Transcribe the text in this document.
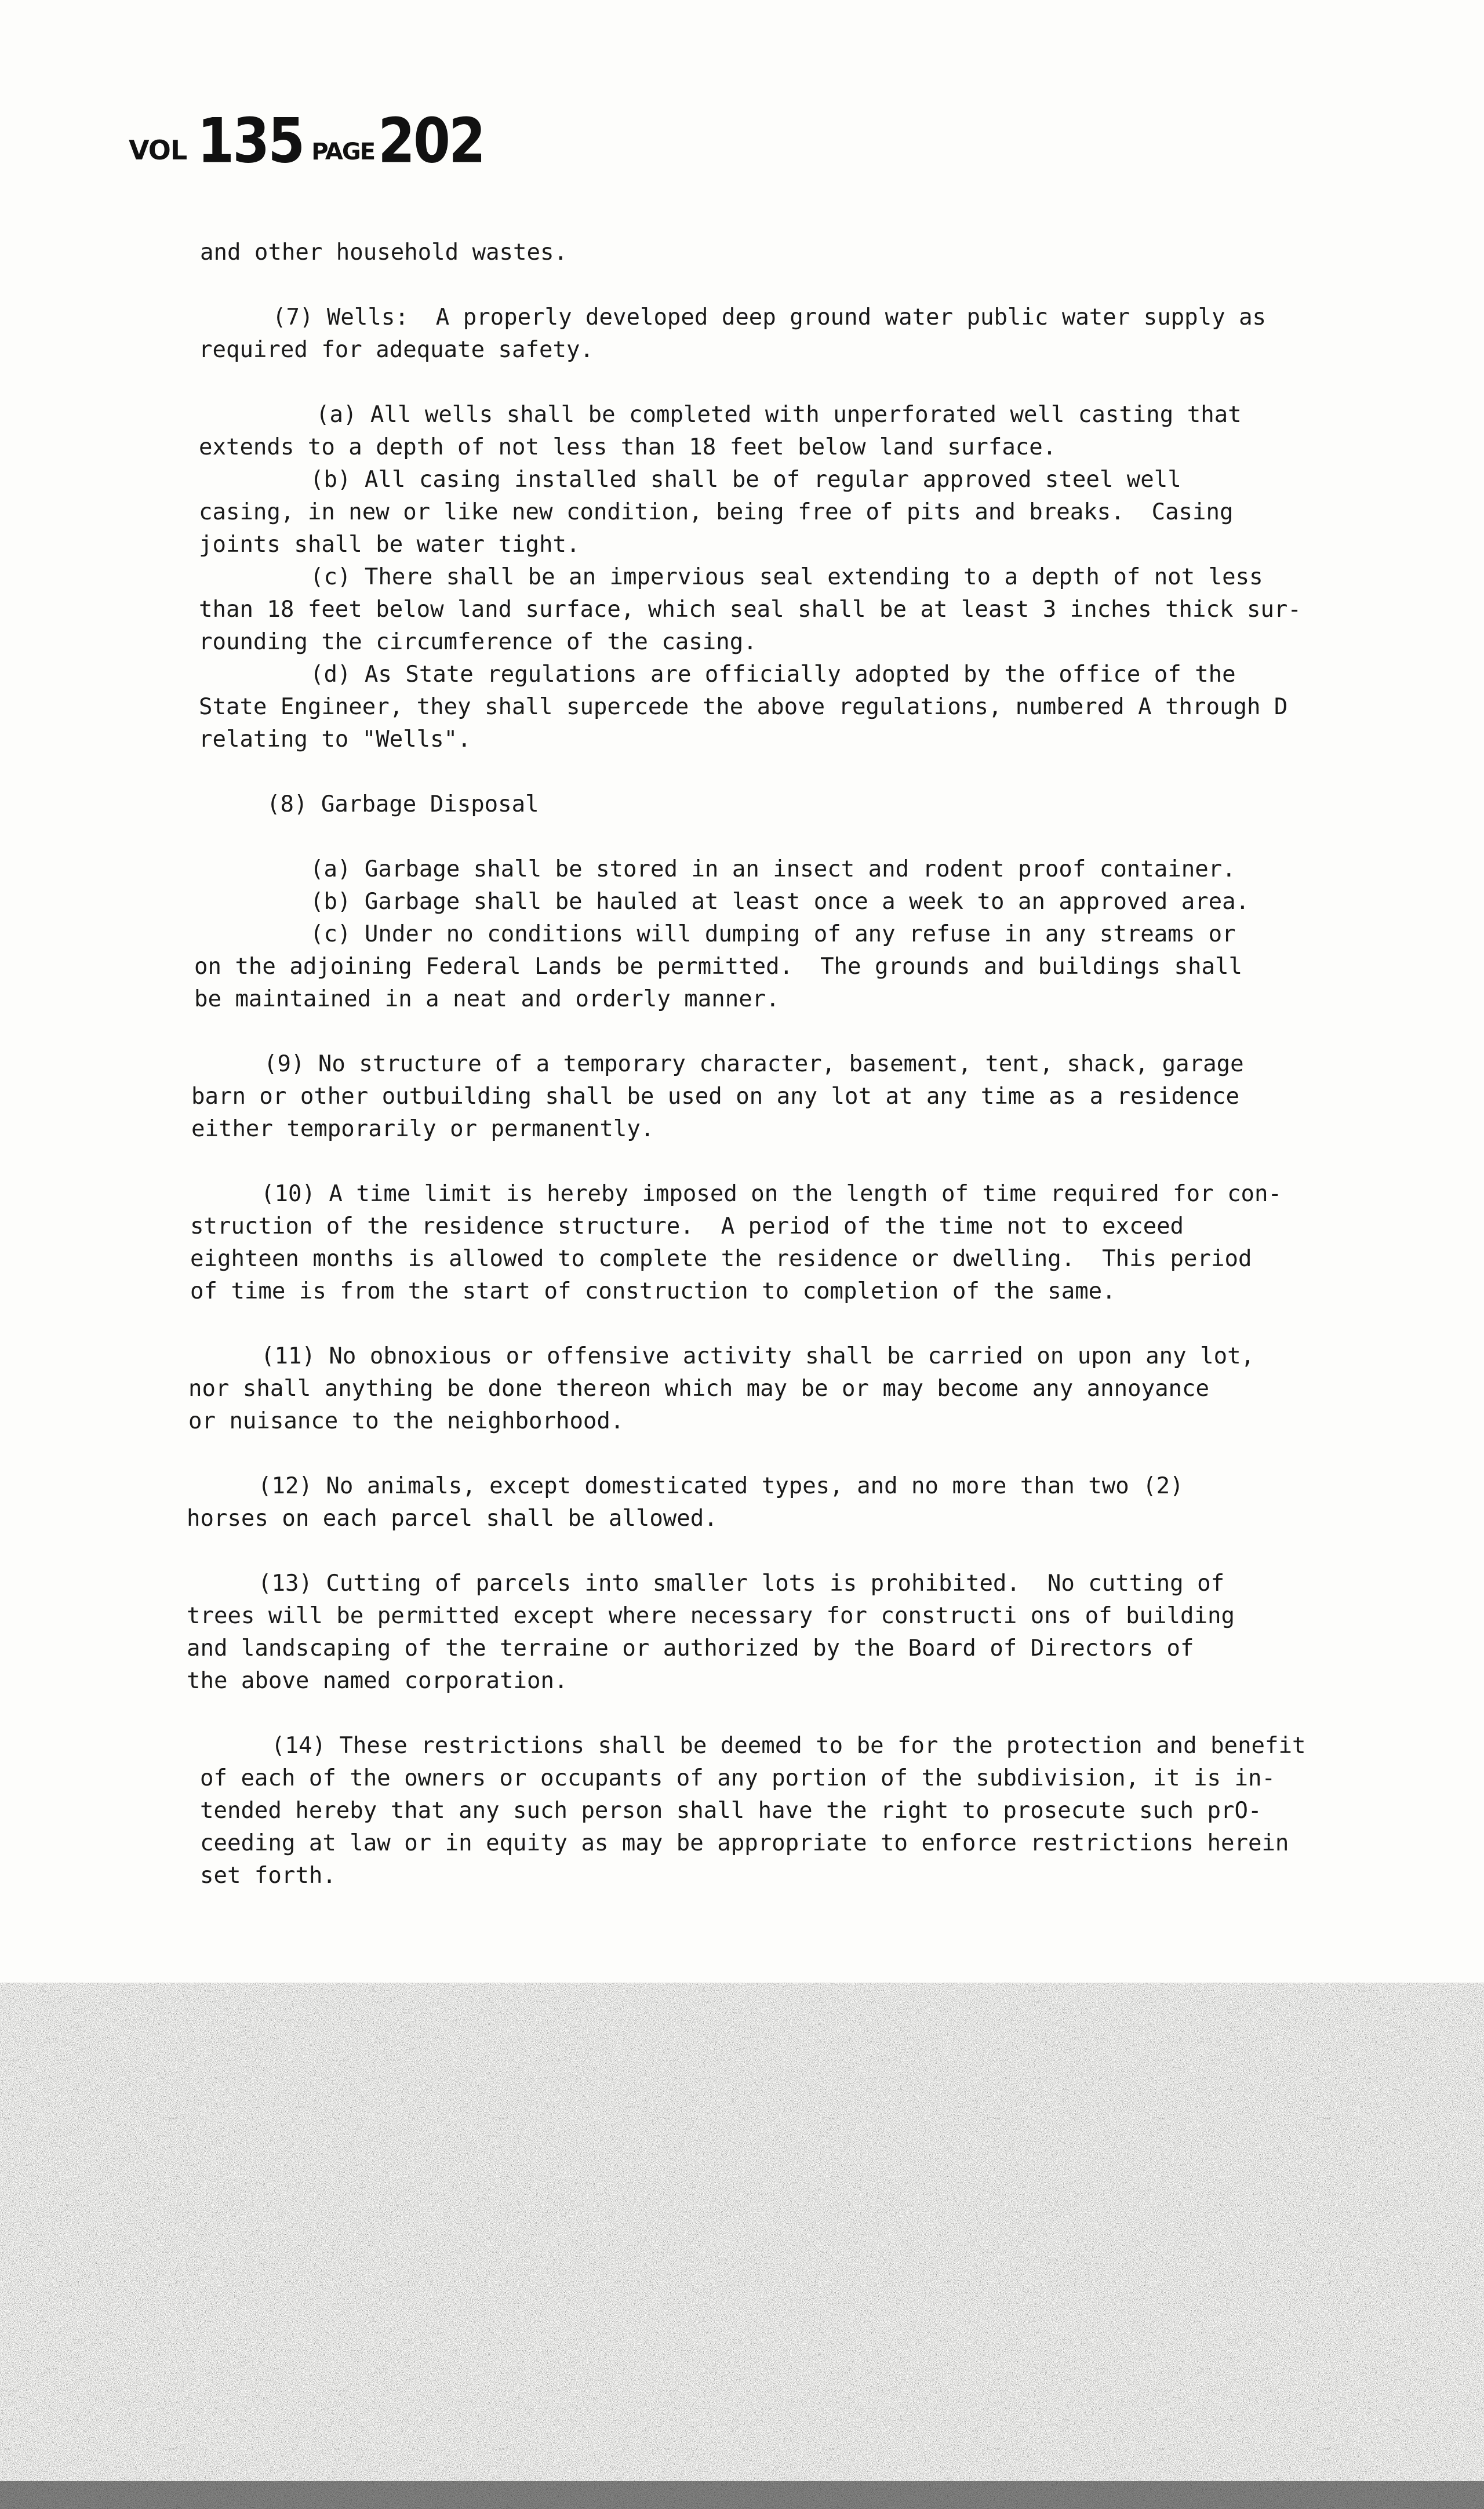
VOL 135 PAGE 202

and other household wastes.

(7) Wells:  A properly developed deep ground water public water supply as

required for adequate safety.

(a) All wells shall be completed with unperforated well casting that

extends to a depth of not less than 18 feet below land surface.

(b) All casing installed shall be of regular approved steel well

casing, in new or like new condition, being free of pits and breaks.  Casing

joints shall be water tight.

(c) There shall be an impervious seal extending to a depth of not less

than 18 feet below land surface, which seal shall be at least 3 inches thick sur-

rounding the circumference of the casing.

(d) As State regulations are officially adopted by the office of the

State Engineer, they shall supercede the above regulations, numbered A through D

relating to "Wells".

(8) Garbage Disposal

(a) Garbage shall be stored in an insect and rodent proof container.

(b) Garbage shall be hauled at least once a week to an approved area.

(c) Under no conditions will dumping of any refuse in any streams or

on the adjoining Federal Lands be permitted.  The grounds and buildings shall

be maintained in a neat and orderly manner.

(9) No structure of a temporary character, basement, tent, shack, garage

barn or other outbuilding shall be used on any lot at any time as a residence

either temporarily or permanently.

(10) A time limit is hereby imposed on the length of time required for con-

struction of the residence structure.  A period of the time not to exceed

eighteen months is allowed to complete the residence or dwelling.  This period

of time is from the start of construction to completion of the same.

(11) No obnoxious or offensive activity shall be carried on upon any lot,

nor shall anything be done thereon which may be or may become any annoyance

or nuisance to the neighborhood.

(12) No animals, except domesticated types, and no more than two (2)

horses on each parcel shall be allowed.

(13) Cutting of parcels into smaller lots is prohibited.  No cutting of

trees will be permitted except where necessary for constructi ons of building

and landscaping of the terraine or authorized by the Board of Directors of

the above named corporation.

(14) These restrictions shall be deemed to be for the protection and benefit

of each of the owners or occupants of any portion of the subdivision, it is in-

tended hereby that any such person shall have the right to prosecute such prO-

ceeding at law or in equity as may be appropriate to enforce restrictions herein

set forth.
